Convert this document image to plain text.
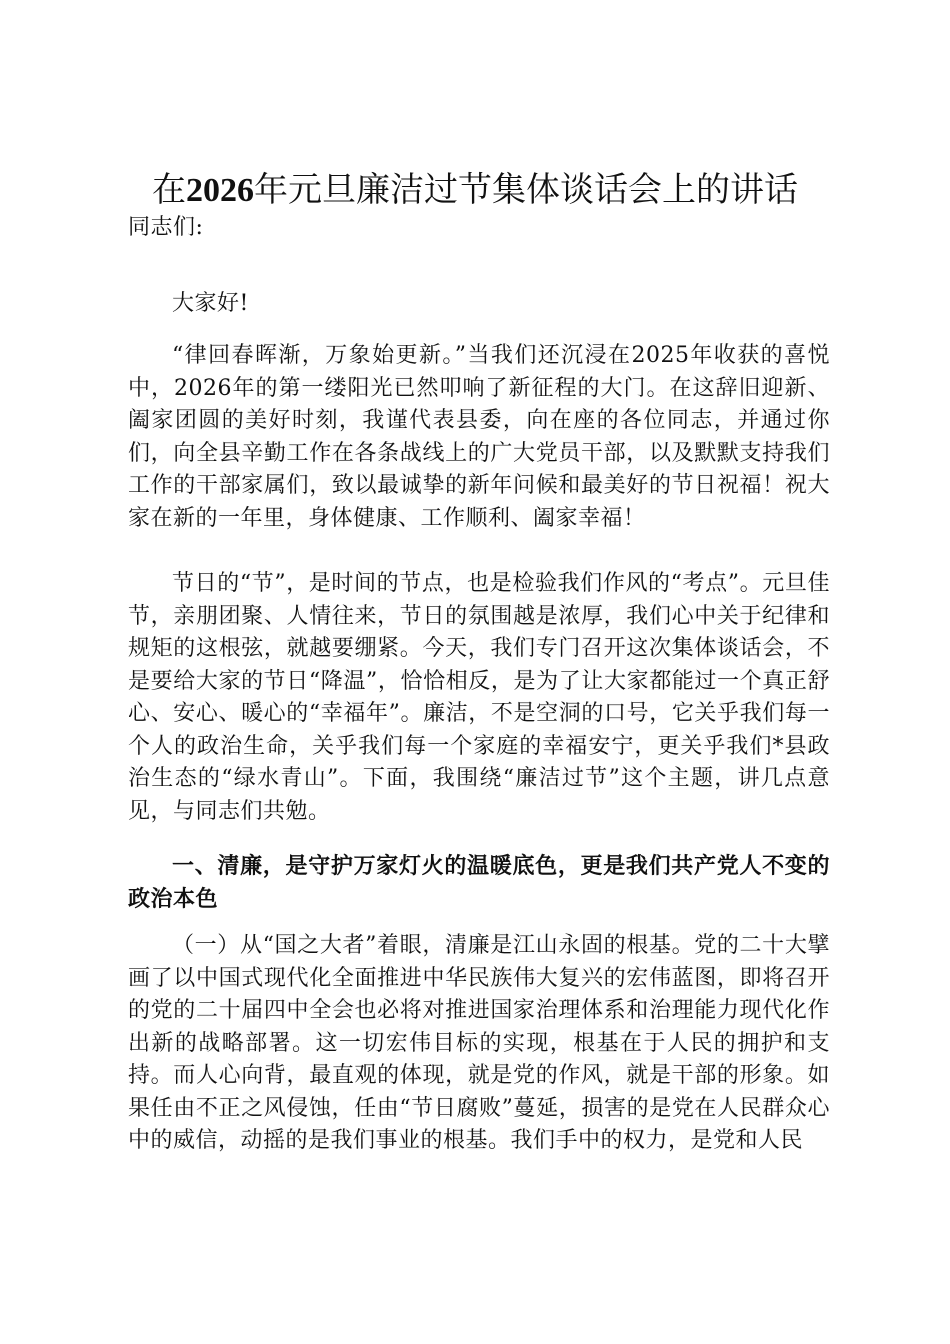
在2026年元旦廉洁过节集体谈话会上的讲话

同志们:

大家好!

“律回春晖渐，万象始更新。”当我们还沉浸在2025年收获的喜悦中，2026年的第一缕阳光已然叩响了新征程的大门。在这辞旧迎新、阖家团圆的美好时刻，我谨代表县委，向在座的各位同志，并通过你们，向全县辛勤工作在各条战线上的广大党员干部，以及默默支持我们工作的干部家属们，致以最诚挚的新年问候和最美好的节日祝福！祝大家在新的一年里，身体健康、工作顺利、阖家幸福！

节日的“节”，是时间的节点，也是检验我们作风的“考点”。元旦佳节，亲朋团聚、人情往来，节日的氛围越是浓厚，我们心中关于纪律和规矩的这根弦，就越要绷紧。今天，我们专门召开这次集体谈话会，不是要给大家的节日“降温”，恰恰相反，是为了让大家都能过一个真正舒心、安心、暖心的“幸福年”。廉洁，不是空洞的口号，它关乎我们每一个人的政治生命，关乎我们每一个家庭的幸福安宁，更关乎我们*县政治生态的“绿水青山”。下面，我围绕“廉洁过节”这个主题，讲几点意见，与同志们共勉。

一、清廉，是守护万家灯火的温暖底色，更是我们共产党人不变的政治本色

（一）从“国之大者”着眼，清廉是江山永固的根基。党的二十大擘画了以中国式现代化全面推进中华民族伟大复兴的宏伟蓝图，即将召开的党的二十届四中全会也必将对推进国家治理体系和治理能力现代化作出新的战略部署。这一切宏伟目标的实现，根基在于人民的拥护和支持。而人心向背，最直观的体现，就是党的作风，就是干部的形象。如果任由不正之风侵蚀，任由“节日腐败”蔓延，损害的是党在人民群众心中的威信，动摇的是我们事业的根基。我们手中的权力，是党和人民
